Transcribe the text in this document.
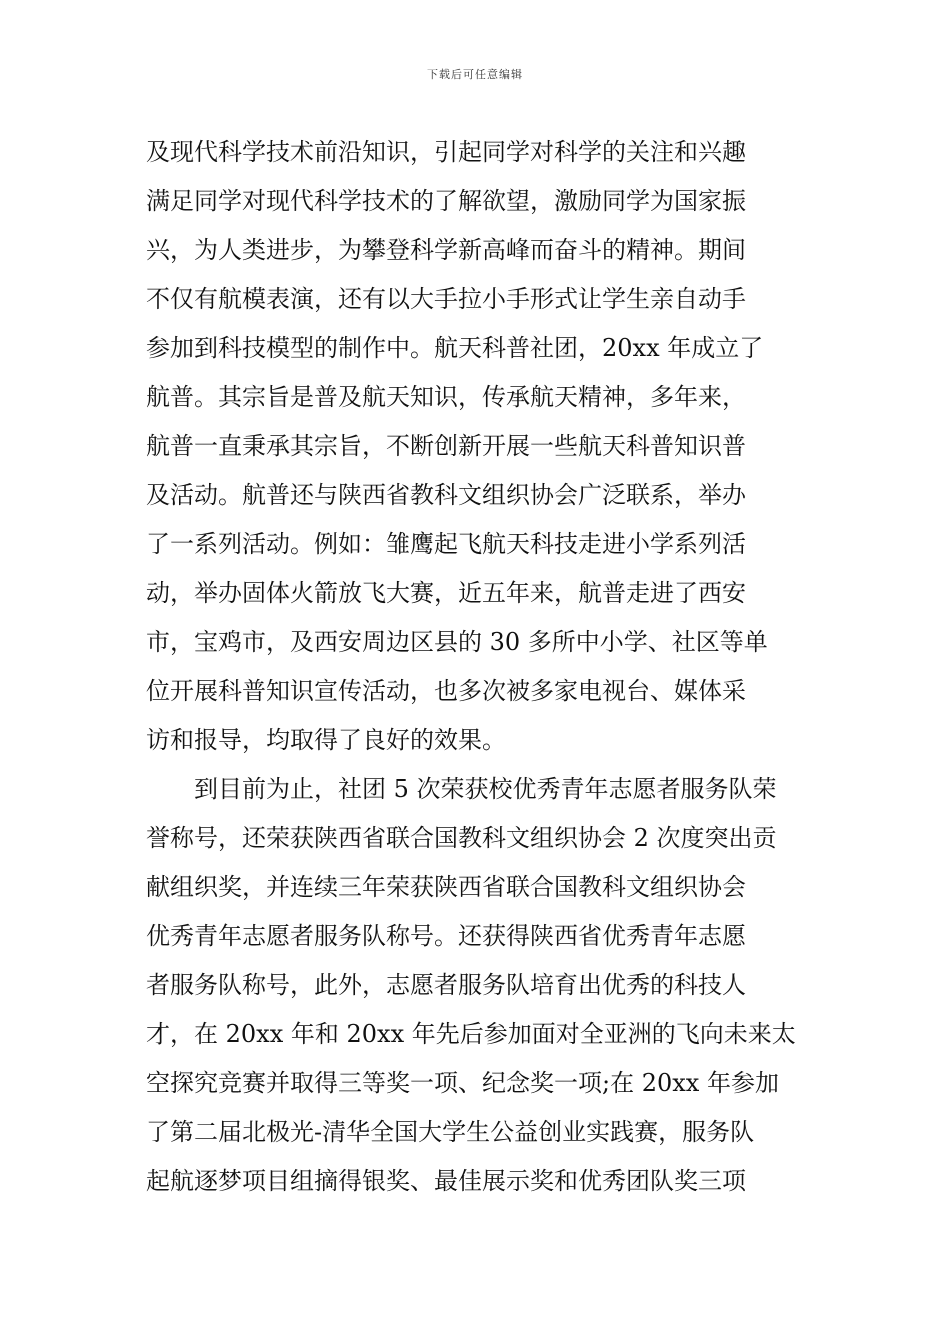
下载后可任意编辑
及现代科学技术前沿知识，引起同学对科学的关注和兴趣
满足同学对现代科学技术的了解欲望，激励同学为国家振
兴，为人类进步，为攀登科学新高峰而奋斗的精神。期间
不仅有航模表演，还有以大手拉小手形式让学生亲自动手
参加到科技模型的制作中。航天科普社团，20xx 年成立了
航普。其宗旨是普及航天知识，传承航天精神，多年来，
航普一直秉承其宗旨，不断创新开展一些航天科普知识普
及活动。航普还与陕西省教科文组织协会广泛联系，举办
了一系列活动。例如：雏鹰起飞航天科技走进小学系列活
动，举办固体火箭放飞大赛，近五年来，航普走进了西安
市，宝鸡市，及西安周边区县的 30 多所中小学、社区等单
位开展科普知识宣传活动，也多次被多家电视台、媒体采
访和报导，均取得了良好的效果。
到目前为止，社团 5 次荣获校优秀青年志愿者服务队荣
誉称号，还荣获陕西省联合国教科文组织协会 2 次度突出贡
献组织奖，并连续三年荣获陕西省联合国教科文组织协会
优秀青年志愿者服务队称号。还获得陕西省优秀青年志愿
者服务队称号，此外，志愿者服务队培育出优秀的科技人
才，在 20xx 年和 20xx 年先后参加面对全亚洲的飞向未来太
空探究竞赛并取得三等奖一项、纪念奖一项;在 20xx 年参加
了第二届北极光-清华全国大学生公益创业实践赛，服务队
起航逐梦项目组摘得银奖、最佳展示奖和优秀团队奖三项
